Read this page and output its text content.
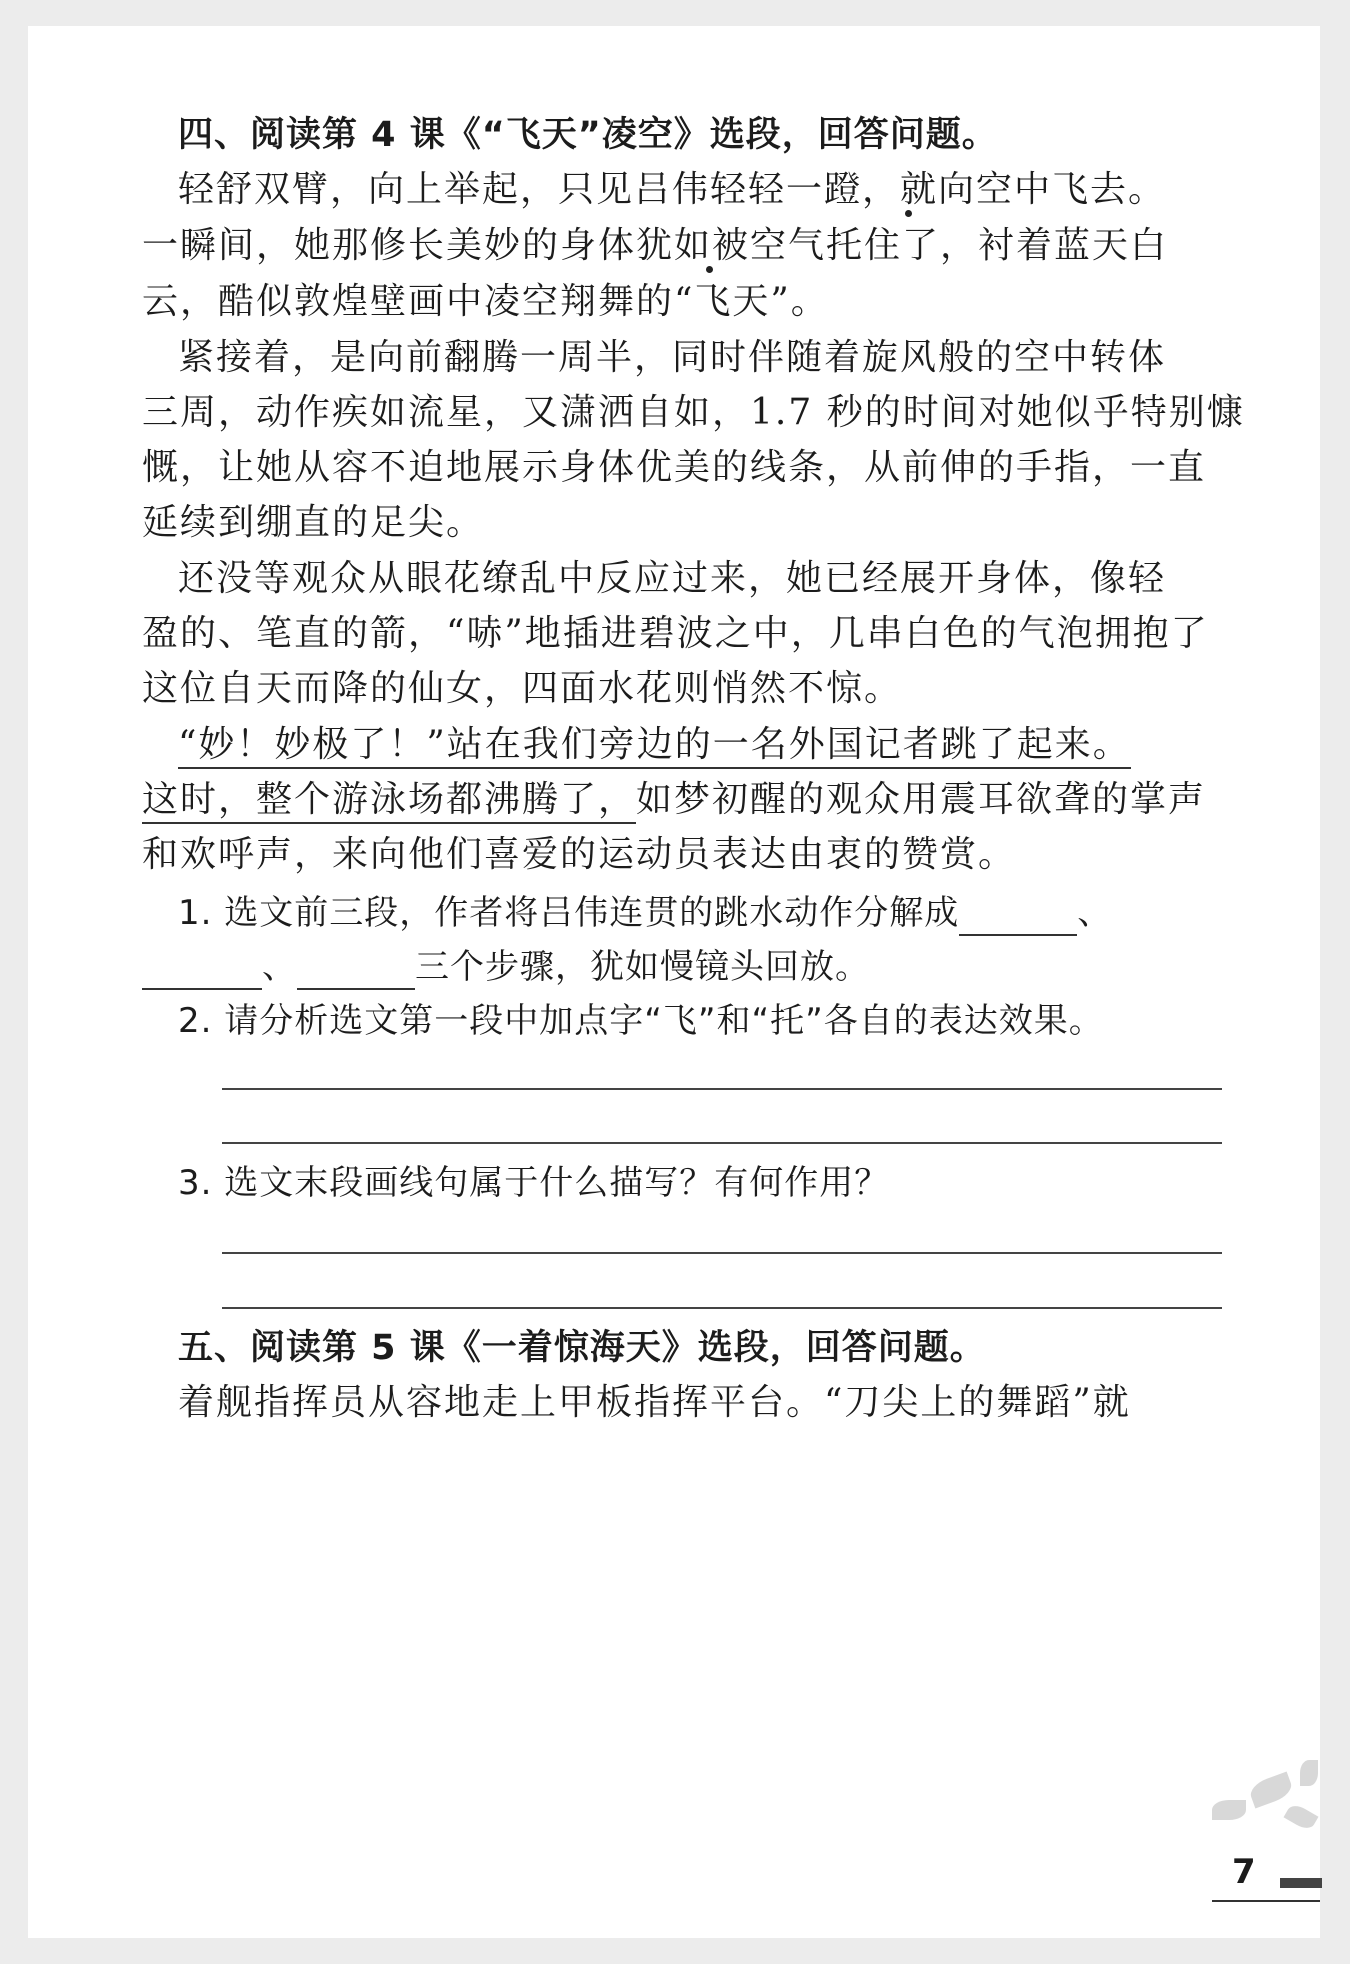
四、阅读第 4 课《“飞天”凌空》选段，回答问题。
轻舒双臂，向上举起，只见吕伟轻轻一蹬，就向空中飞去。
一瞬间，她那修长美妙的身体犹如被空气托住了，衬着蓝天白
云，酷似敦煌壁画中凌空翔舞的“飞天”。
紧接着，是向前翻腾一周半，同时伴随着旋风般的空中转体
三周，动作疾如流星，又潇洒自如，1.7 秒的时间对她似乎特别慷
慨，让她从容不迫地展示身体优美的线条，从前伸的手指，一直
延续到绷直的足尖。
还没等观众从眼花缭乱中反应过来，她已经展开身体，像轻
盈的、笔直的箭，“哧”地插进碧波之中，几串白色的气泡拥抱了
这位自天而降的仙女，四面水花则悄然不惊。
“妙！妙极了！”站在我们旁边的一名外国记者跳了起来。
这时，整个游泳场都沸腾了，如梦初醒的观众用震耳欲聋的掌声
和欢呼声，来向他们喜爱的运动员表达由衷的赞赏。
1. 选文前三段，作者将吕伟连贯的跳水动作分解成	、
、	三个步骤，犹如慢镜头回放。
2. 请分析选文第一段中加点字“飞”和“托”各自的表达效果。
3. 选文末段画线句属于什么描写？有何作用？
五、阅读第 5 课《一着惊海天》选段，回答问题。
着舰指挥员从容地走上甲板指挥平台。“刀尖上的舞蹈”就
7
